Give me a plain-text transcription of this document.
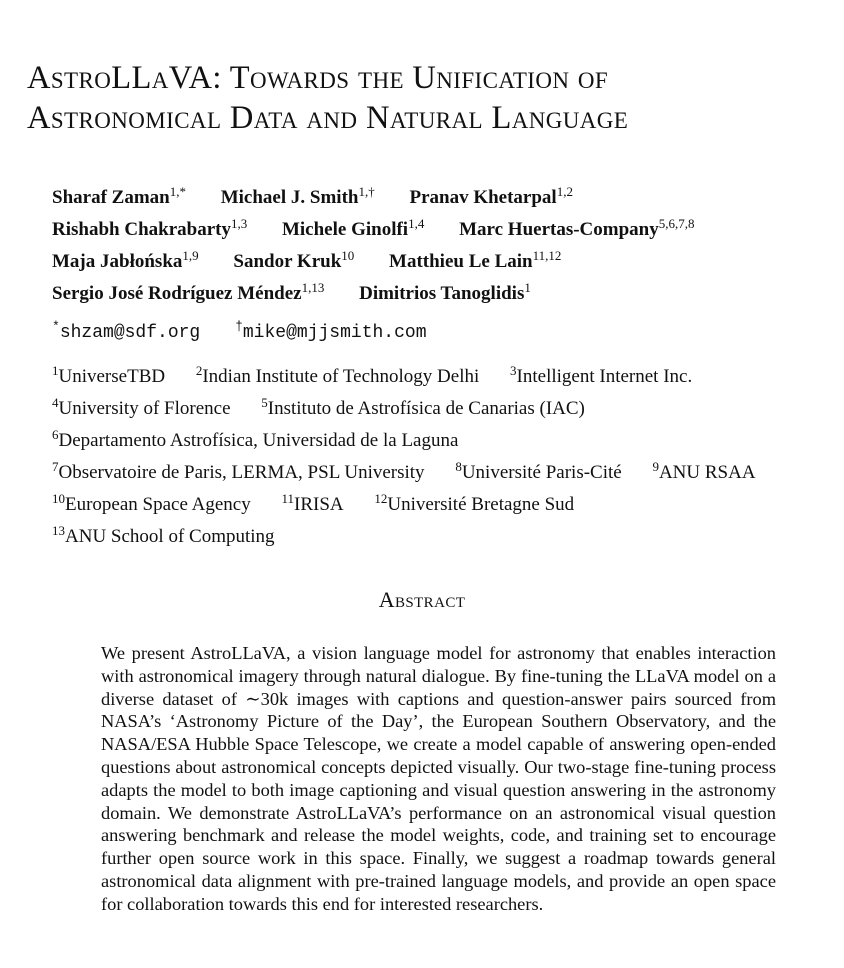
AstroLLaVA: Towards the Unification of
Astronomical Data and Natural Language
Sharaf Zaman$^{1,*}$ Michael J. Smith$^{1,\dagger}$ Pranav Khetarpal$^{1,2}$
Rishabh Chakrabarty$^{1,3}$ Michele Ginolfi$^{1,4}$ Marc Huertas-Company$^{5,6,7,8}$
Maja Jabłońska$^{1,9}$ Sandor Kruk$^{10}$ Matthieu Le Lain$^{11,12}$
Sergio José Rodríguez Méndez$^{1,13}$ Dimitrios Tanoglidis$^1$
*shzam@sdf.org	†mike@mjjsmith.com
$^1$UniverseTBD $^2$Indian Institute of Technology Delhi $^3$Intelligent Internet Inc.
$^4$University of Florence $^5$Instituto de Astrofísica de Canarias (IAC)
$^6$Departamento Astrofísica, Universidad de la Laguna
$^7$Observatoire de Paris, LERMA, PSL University $^8$Université Paris-Cité $^9$ANU RSAA
$^{10}$European Space Agency $^{11}$IRISA $^{12}$Université Bretagne Sud
$^{13}$ANU School of Computing
Abstract

We present AstroLLaVA, a vision language model for astronomy that enables interaction with astronomical imagery through natural dialogue. By fine-tuning the LLaVA model on a diverse dataset of ∼30k images with captions and question-answer pairs sourced from NASA’s ‘Astronomy Picture of the Day’, the European Southern Observatory, and the NASA/ESA Hubble Space Telescope, we create a model capable of answering open-ended questions about astronomical concepts depicted visually. Our two-stage fine-tuning process adapts the model to both image captioning and visual question answering in the astronomy domain. We demonstrate AstroLLaVA’s performance on an astronomical visual question answering benchmark and release the model weights, code, and training set to encourage further open source work in this space. Finally, we suggest a roadmap towards general astronomical data alignment with pre-trained language models, and provide an open space for collaboration towards this end for interested researchers.
